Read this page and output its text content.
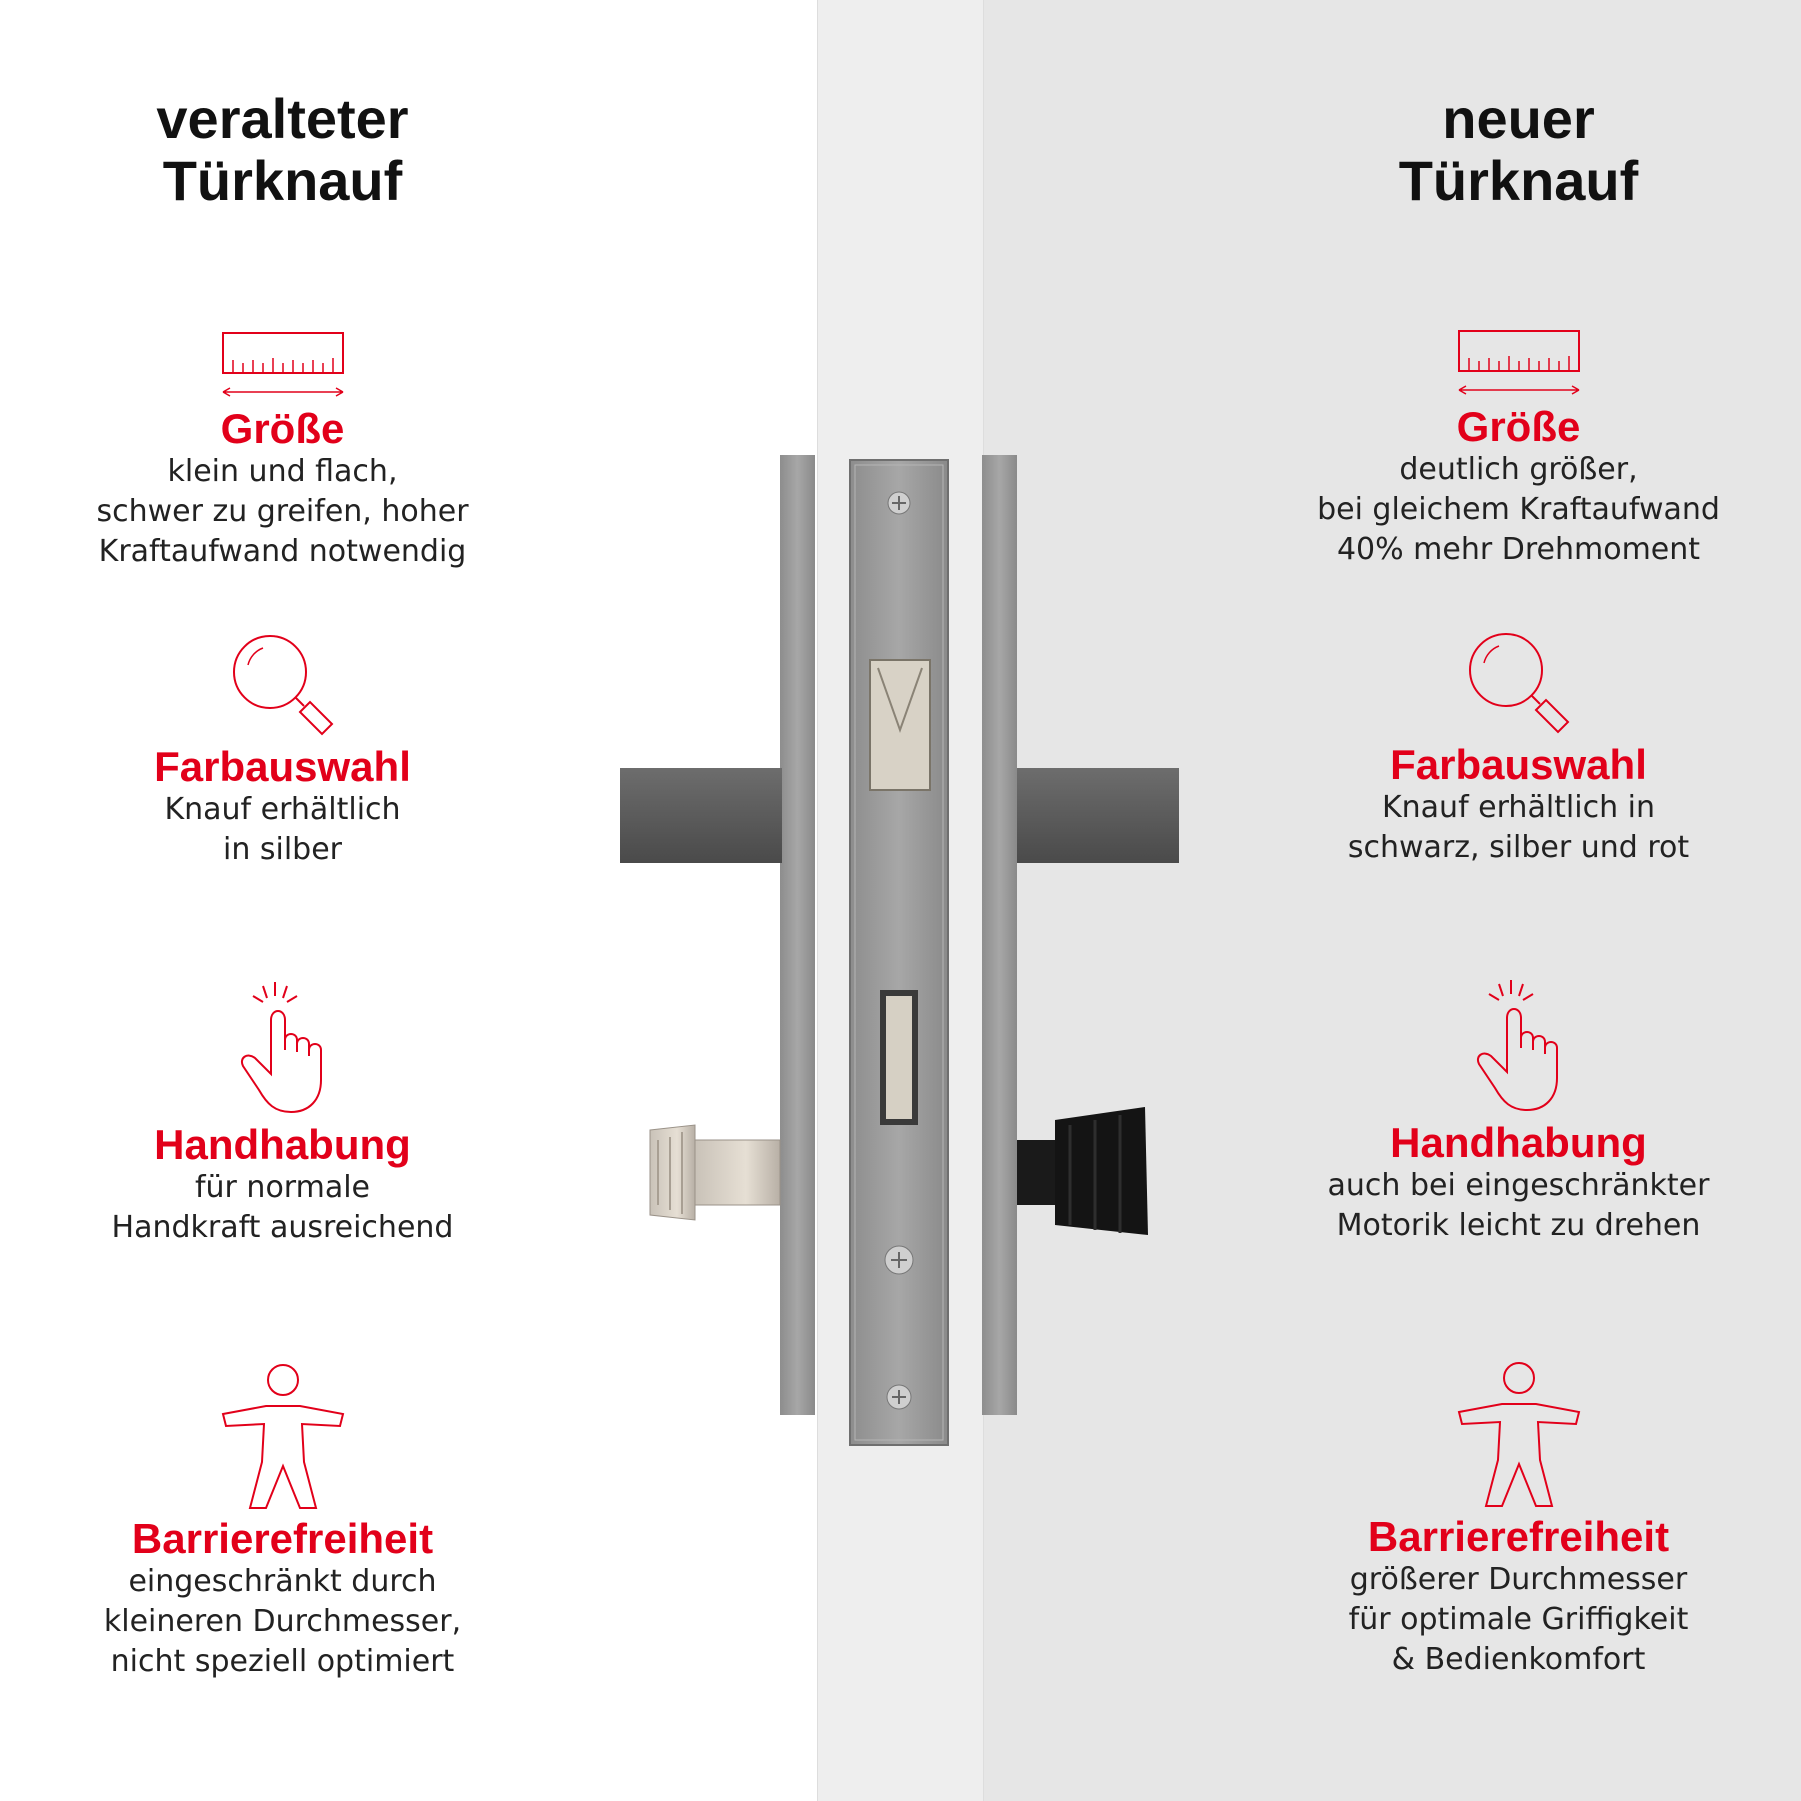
veralteter
Türknauf
Größe
klein und flach,
schwer zu greifen, hoher
Kraftaufwand notwendig
Farbauswahl
Knauf erhältlich
in silber
Handhabung
für normale
Handkraft ausreichend
Barrierefreiheit
eingeschränkt durch
kleineren Durchmesser,
nicht speziell optimiert
neuer
Türknauf
Größe
deutlich größer,
bei gleichem Kraftaufwand
40% mehr Drehmoment
Farbauswahl
Knauf erhältlich in
schwarz, silber und rot
Handhabung
auch bei eingeschränkter
Motorik leicht zu drehen
Barrierefreiheit
größerer Durchmesser
für optimale Griffigkeit
& Bedienkomfort
